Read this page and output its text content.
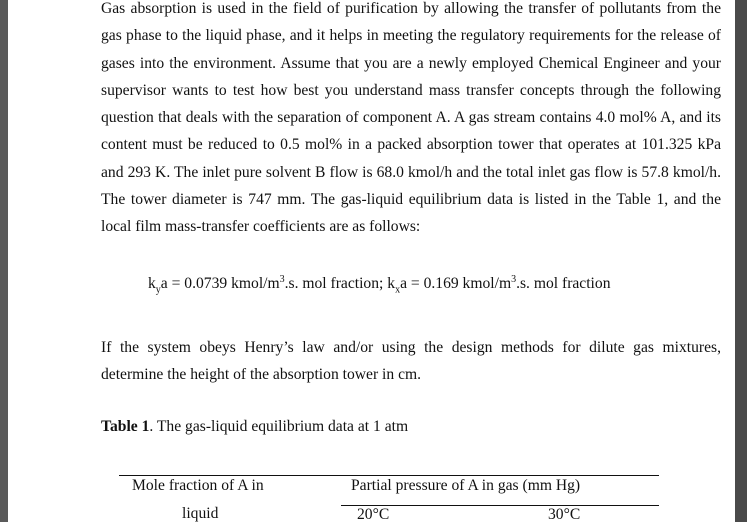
Gas absorption is used in the field of purification by allowing the transfer of pollutants from the gas phase to the liquid phase, and it helps in meeting the regulatory requirements for the release of gases into the environment. Assume that you are a newly employed Chemical Engineer and your supervisor wants to test how best you understand mass transfer concepts through the following question that deals with the separation of component A. A gas stream contains 4.0 mol% A, and its content must be reduced to 0.5 mol% in a packed absorption tower that operates at 101.325 kPa and 293 K. The inlet pure solvent B flow is 68.0 kmol/h and the total inlet gas flow is 57.8 kmol/h. The tower diameter is 747 mm. The gas-liquid equilibrium data is listed in the Table 1, and the local film mass-transfer coefficients are as follows:

$k_ya = 0.0739$ kmol/$m^3.s$. mol fraction; $k_xa = 0.169$ kmol/$m^3.s$. mol fraction

If the system obeys Henry’s law and/or using the design methods for dilute gas mixtures, determine the height of the absorption tower in cm.

Table 1. The gas-liquid equilibrium data at 1 atm
Mole fraction of A in	Partial pressure of A in gas (mm Hg)
liquid	20°C	30°C
